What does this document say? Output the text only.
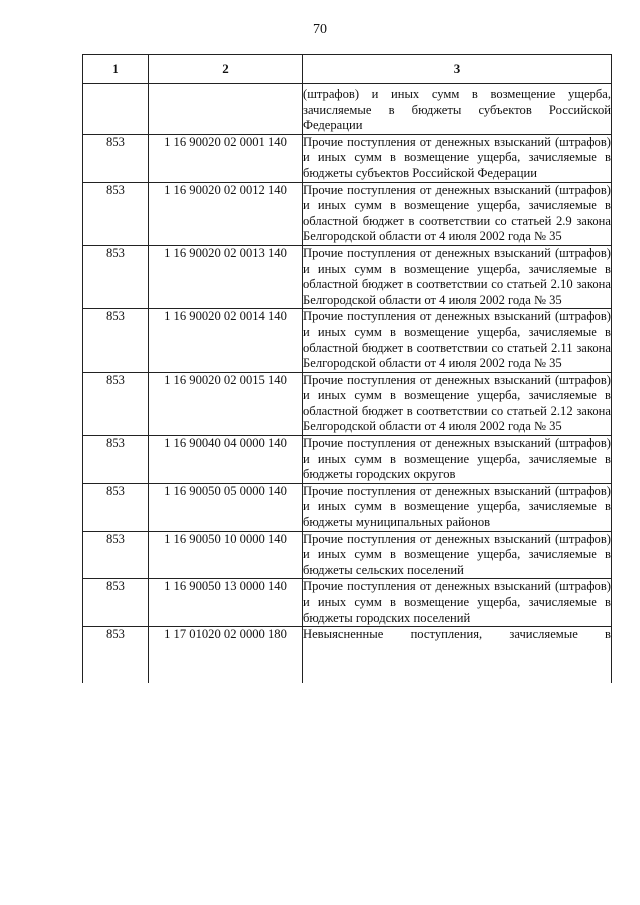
70
1	2	3
		(штрафов) и иных сумм в возмещение ущерба, зачисляемые в бюджеты субъектов Российской Федерации
853	1 16 90020 02 0001 140	Прочие поступления от денежных взысканий (штрафов) и иных сумм в возмещение ущерба, зачисляемые в бюджеты субъектов Российской Федерации
853	1 16 90020 02 0012 140	Прочие поступления от денежных взысканий (штрафов) и иных сумм в возмещение ущерба, зачисляемые в областной бюджет в соответствии со статьей 2.9 закона Белгородской области от 4 июля 2002 года № 35
853	1 16 90020 02 0013 140	Прочие поступления от денежных взысканий (штрафов) и иных сумм в возмещение ущерба, зачисляемые в областной бюджет в соответствии со статьей 2.10 закона Белгородской области от 4 июля 2002 года № 35
853	1 16 90020 02 0014 140	Прочие поступления от денежных взысканий (штрафов) и иных сумм в возмещение ущерба, зачисляемые в областной бюджет в соответствии со статьей 2.11 закона Белгородской области от 4 июля 2002 года № 35
853	1 16 90020 02 0015 140	Прочие поступления от денежных взысканий (штрафов) и иных сумм в возмещение ущерба, зачисляемые в областной бюджет в соответствии со статьей 2.12 закона Белгородской области от 4 июля 2002 года № 35
853	1 16 90040 04 0000 140	Прочие поступления от денежных взысканий (штрафов) и иных сумм в возмещение ущерба, зачисляемые в бюджеты городских округов
853	1 16 90050 05 0000 140	Прочие поступления от денежных взысканий (штрафов) и иных сумм в возмещение ущерба, зачисляемые в бюджеты муниципальных районов
853	1 16 90050 10 0000 140	Прочие поступления от денежных взысканий (штрафов) и иных сумм в возмещение ущерба, зачисляемые в бюджеты сельских поселений
853	1 16 90050 13 0000 140	Прочие поступления от денежных взысканий (штрафов) и иных сумм в возмещение ущерба, зачисляемые в бюджеты городских поселений
853	1 17 01020 02 0000 180	Невыясненные поступления, зачисляемые в
